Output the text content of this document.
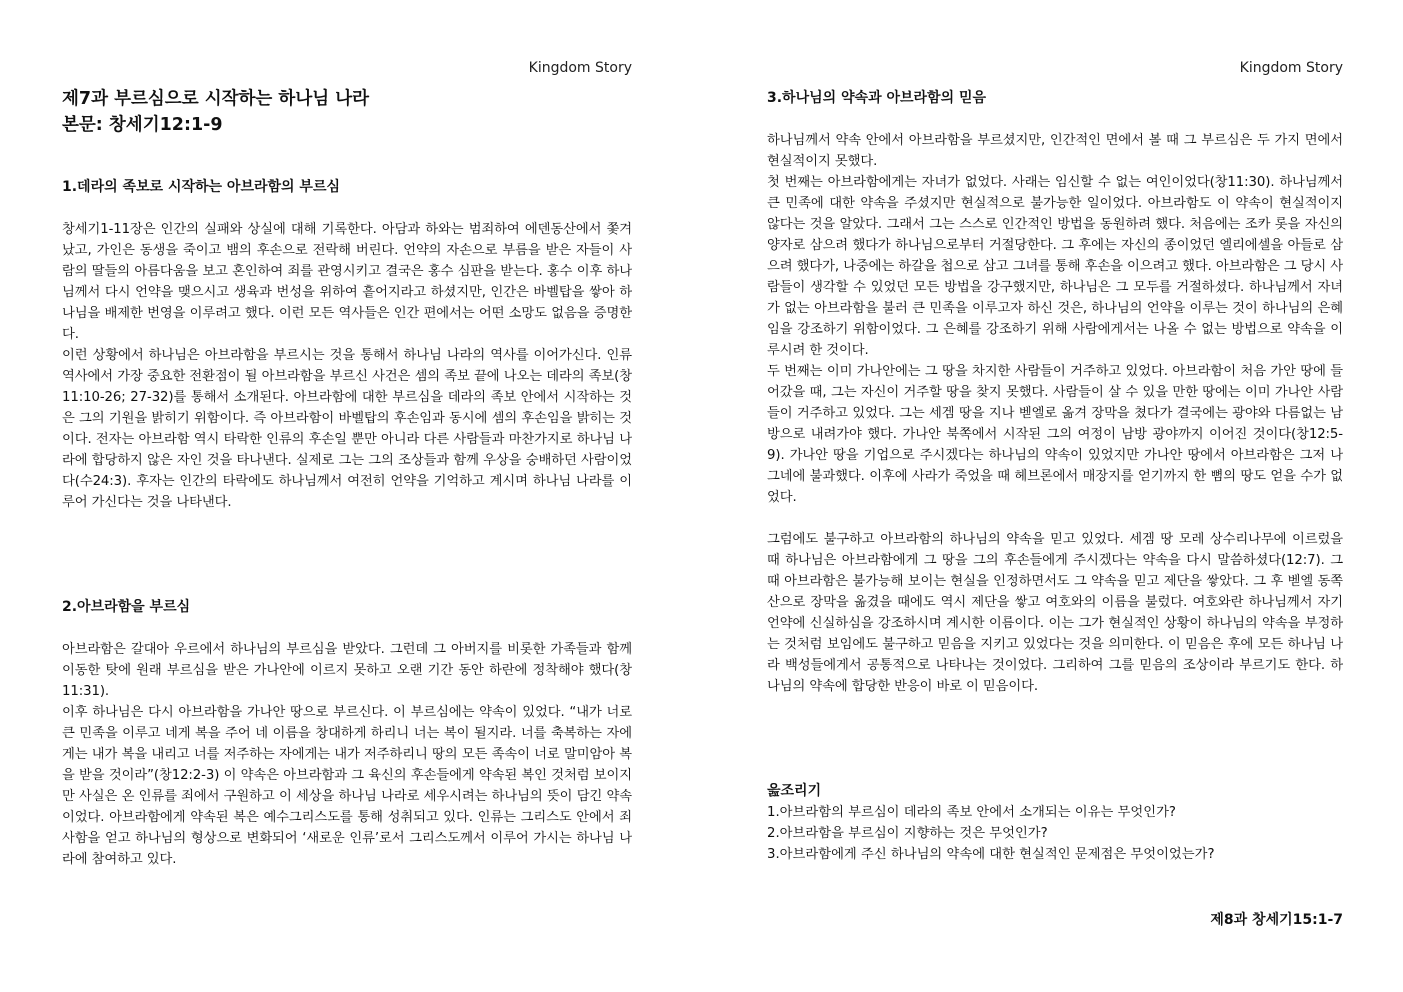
Kingdom Story
제7과 부르심으로 시작하는 하나님 나라
본문: 창세기12:1-9
1.데라의 족보로 시작하는 아브라함의 부르심

창세기1-11장은 인간의 실패와 상실에 대해 기록한다. 아담과 하와는 범죄하여 에덴동산에서 쫓겨났고, 가인은 동생을 죽이고 뱀의 후손으로 전락해 버린다. 언약의 자손으로 부름을 받은 자들이 사람의 딸들의 아름다움을 보고 혼인하여 죄를 관영시키고 결국은 홍수 심판을 받는다. 홍수 이후 하나님께서 다시 언약을 맺으시고 생육과 번성을 위하여 흩어지라고 하셨지만, 인간은 바벨탑을 쌓아 하나님을 배제한 번영을 이루려고 했다. 이런 모든 역사들은 인간 편에서는 어떤 소망도 없음을 증명한다.

이런 상황에서 하나님은 아브라함을 부르시는 것을 통해서 하나님 나라의 역사를 이어가신다. 인류역사에서 가장 중요한 전환점이 될 아브라함을 부르신 사건은 셈의 족보 끝에 나오는 데라의 족보(창11:10-26; 27-32)를 통해서 소개된다. 아브라함에 대한 부르심을 데라의 족보 안에서 시작하는 것은 그의 기원을 밝히기 위함이다. 즉 아브라함이 바벨탑의 후손임과 동시에 셈의 후손임을 밝히는 것이다. 전자는 아브라함 역시 타락한 인류의 후손일 뿐만 아니라 다른 사람들과 마찬가지로 하나님 나라에 합당하지 않은 자인 것을 타나낸다. 실제로 그는 그의 조상들과 함께 우상을 숭배하던 사람이었다(수24:3). 후자는 인간의 타락에도 하나님께서 여전히 언약을 기억하고 계시며 하나님 나라를 이루어 가신다는 것을 나타낸다.

2.아브라함을 부르심

아브라함은 갈대아 우르에서 하나님의 부르심을 받았다. 그런데 그 아버지를 비롯한 가족들과 함께 이동한 탓에 원래 부르심을 받은 가나안에 이르지 못하고 오랜 기간 동안 하란에 정착해야 했다(창11:31).

이후 하나님은 다시 아브라함을 가나안 땅으로 부르신다. 이 부르심에는 약속이 있었다. “내가 너로 큰 민족을 이루고 네게 복을 주어 네 이름을 창대하게 하리니 너는 복이 될지라. 너를 축복하는 자에게는 내가 복을 내리고 너를 저주하는 자에게는 내가 저주하리니 땅의 모든 족속이 너로 말미암아 복을 받을 것이라”(창12:2-3) 이 약속은 아브라함과 그 육신의 후손들에게 약속된 복인 것처럼 보이지만 사실은 온 인류를 죄에서 구원하고 이 세상을 하나님 나라로 세우시려는 하나님의 뜻이 담긴 약속이었다. 아브라함에게 약속된 복은 예수그리스도를 통해 성취되고 있다. 인류는 그리스도 안에서 죄사함을 얻고 하나님의 형상으로 변화되어 ‘새로운 인류’로서 그리스도께서 이루어 가시는 하나님 나라에 참여하고 있다.

Kingdom Story
3.하나님의 약속과 아브라함의 믿음

하나님께서 약속 안에서 아브라함을 부르셨지만, 인간적인 면에서 볼 때 그 부르심은 두 가지 면에서 현실적이지 못했다.

첫 번째는 아브라함에게는 자녀가 없었다. 사래는 임신할 수 없는 여인이었다(창11:30). 하나님께서 큰 민족에 대한 약속을 주셨지만 현실적으로 불가능한 일이었다. 아브라함도 이 약속이 현실적이지 않다는 것을 알았다. 그래서 그는 스스로 인간적인 방법을 동원하려 했다. 처음에는 조카 롯을 자신의 양자로 삼으려 했다가 하나님으로부터 거절당한다. 그 후에는 자신의 종이었던 엘리에셀을 아들로 삼으려 했다가, 나중에는 하갈을 첩으로 삼고 그녀를 통해 후손을 이으려고 했다. 아브라함은 그 당시 사람들이 생각할 수 있었던 모든 방법을 강구했지만, 하나님은 그 모두를 거절하셨다. 하나님께서 자녀가 없는 아브라함을 불러 큰 민족을 이루고자 하신 것은, 하나님의 언약을 이루는 것이 하나님의 은혜임을 강조하기 위함이었다. 그 은혜를 강조하기 위해 사람에게서는 나올 수 없는 방법으로 약속을 이루시려 한 것이다.

두 번째는 이미 가나안에는 그 땅을 차지한 사람들이 거주하고 있었다. 아브라함이 처음 가안 땅에 들어갔을 때, 그는 자신이 거주할 땅을 찾지 못했다. 사람들이 살 수 있을 만한 땅에는 이미 가나안 사람들이 거주하고 있었다. 그는 세겜 땅을 지나 벧엘로 옮겨 장막을 쳤다가 결국에는 광야와 다름없는 남방으로 내려가야 했다. 가나안 북쪽에서 시작된 그의 여정이 남방 광야까지 이어진 것이다(창12:5-9). 가나안 땅을 기업으로 주시겠다는 하나님의 약속이 있었지만 가나안 땅에서 아브라함은 그저 나그네에 불과했다. 이후에 사라가 죽었을 때 헤브론에서 매장지를 얻기까지 한 뼘의 땅도 얻을 수가 없었다.

그럼에도 불구하고 아브라함의 하나님의 약속을 믿고 있었다. 세겜 땅 모레 상수리나무에 이르렀을 때 하나님은 아브라함에게 그 땅을 그의 후손들에게 주시겠다는 약속을 다시 말씀하셨다(12:7). 그 때 아브라함은 불가능해 보이는 현실을 인정하면서도 그 약속을 믿고 제단을 쌓았다. 그 후 벧엘 동쪽 산으로 장막을 옮겼을 때에도 역시 제단을 쌓고 여호와의 이름을 불렀다. 여호와란 하나님께서 자기 언약에 신실하심을 강조하시며 계시한 이름이다. 이는 그가 현실적인 상황이 하나님의 약속을 부정하는 것처럼 보임에도 불구하고 믿음을 지키고 있었다는 것을 의미한다. 이 믿음은 후에 모든 하나님 나라 백성들에게서 공통적으로 나타나는 것이었다. 그리하여 그를 믿음의 조상이라 부르기도 한다. 하나님의 약속에 합당한 반응이 바로 이 믿음이다.

읊조리기

1.아브라함의 부르심이 데라의 족보 안에서 소개되는 이유는 무엇인가?

2.아브라함을 부르심이 지향하는 것은 무엇인가?

3.아브라함에게 주신 하나님의 약속에 대한 현실적인 문제점은 무엇이었는가?

제8과 창세기15:1-7
